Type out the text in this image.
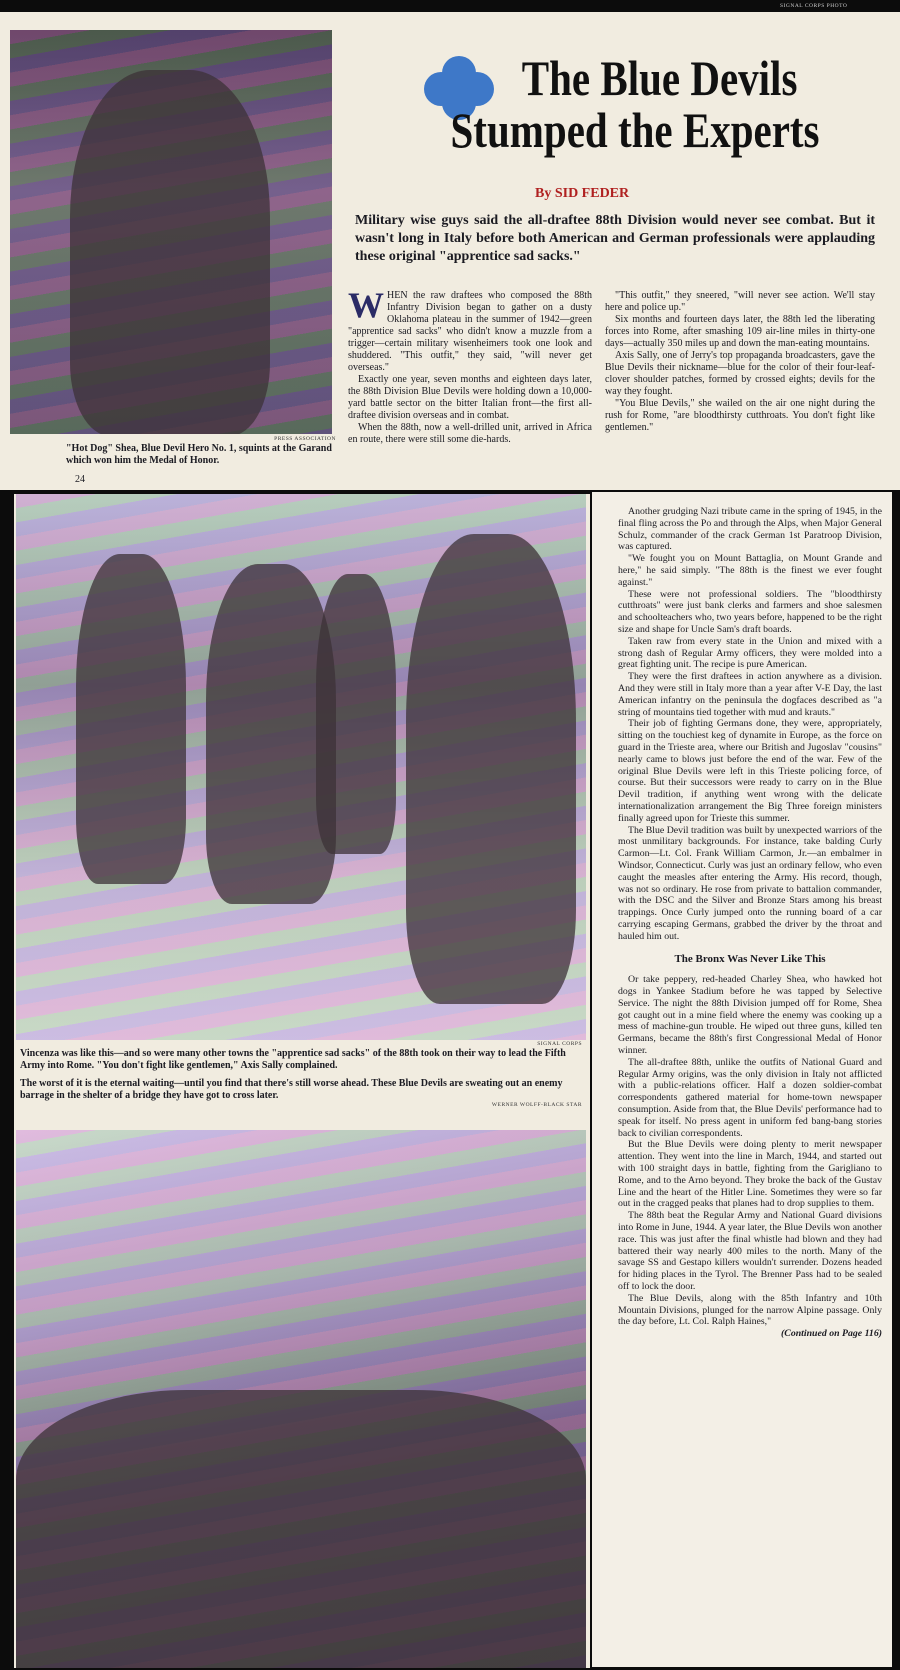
SIGNAL CORPS PHOTO
PRESS ASSOCIATION
"Hot Dog" Shea, Blue Devil Hero No. 1, squints at the Garand which won him the Medal of Honor.
24
The Blue Devils
Stumped the Experts
By SID FEDER
Military wise guys said the all-draftee 88th Division would never see combat. But it wasn't long in Italy before both American and German professionals were applauding these original "apprentice sad sacks."

WHEN the raw draftees who composed the 88th Infantry Division began to gather on a dusty Oklahoma plateau in the summer of 1942—green "apprentice sad sacks" who didn't know a muzzle from a trigger—certain military wisenheimers took one look and shuddered. "This outfit," they said, "will never get overseas."

Exactly one year, seven months and eighteen days later, the 88th Division Blue Devils were holding down a 10,000-yard battle sector on the bitter Italian front—the first all-draftee division overseas and in combat.

When the 88th, now a well-drilled unit, arrived in Africa en route, there were still some die-hards.

"This outfit," they sneered, "will never see action. We'll stay here and police up."

Six months and fourteen days later, the 88th led the liberating forces into Rome, after smashing 109 air-line miles in thirty-one days—actually 350 miles up and down the man-eating mountains.

Axis Sally, one of Jerry's top propaganda broadcasters, gave the Blue Devils their nickname—blue for the color of their four-leaf-clover shoulder patches, formed by crossed eights; devils for the way they fought.

"You Blue Devils," she wailed on the air one night during the rush for Rome, "are bloodthirsty cutthroats. You don't fight like gentlemen."

SIGNAL CORPS
Vincenza was like this—and so were many other towns the "apprentice sad sacks" of the 88th took on their way to lead the Fifth Army into Rome. "You don't fight like gentlemen," Axis Sally complained.
The worst of it is the eternal waiting—until you find that there's still worse ahead. These Blue Devils are sweating out an enemy barrage in the shelter of a bridge they have got to cross later.
WERNER WOLFF-BLACK STAR

Another grudging Nazi tribute came in the spring of 1945, in the final fling across the Po and through the Alps, when Major General Schulz, commander of the crack German 1st Paratroop Division, was captured.

"We fought you on Mount Battaglia, on Mount Grande and here," he said simply. "The 88th is the finest we ever fought against."

These were not professional soldiers. The "bloodthirsty cutthroats" were just bank clerks and farmers and shoe salesmen and schoolteachers who, two years before, happened to be the right size and shape for Uncle Sam's draft boards.

Taken raw from every state in the Union and mixed with a strong dash of Regular Army officers, they were molded into a great fighting unit. The recipe is pure American.

They were the first draftees in action anywhere as a division. And they were still in Italy more than a year after V-E Day, the last American infantry on the peninsula the dogfaces described as "a string of mountains tied together with mud and krauts."

Their job of fighting Germans done, they were, appropriately, sitting on the touchiest keg of dynamite in Europe, as the force on guard in the Trieste area, where our British and Jugoslav "cousins" nearly came to blows just before the end of the war. Few of the original Blue Devils were left in this Trieste policing force, of course. But their successors were ready to carry on in the Blue Devil tradition, if anything went wrong with the delicate internationalization arrangement the Big Three foreign ministers finally agreed upon for Trieste this summer.

The Blue Devil tradition was built by unexpected warriors of the most unmilitary backgrounds. For instance, take balding Curly Carmon—Lt. Col. Frank William Carmon, Jr.—an embalmer in Windsor, Connecticut. Curly was just an ordinary fellow, who even caught the measles after entering the Army. His record, though, was not so ordinary. He rose from private to battalion commander, with the DSC and the Silver and Bronze Stars among his breast trappings. Once Curly jumped onto the running board of a car carrying escaping Germans, grabbed the driver by the throat and hauled him out.

The Bronx Was Never Like This

Or take peppery, red-headed Charley Shea, who hawked hot dogs in Yankee Stadium before he was tapped by Selective Service. The night the 88th Division jumped off for Rome, Shea got caught out in a mine field where the enemy was cooking up a mess of machine-gun trouble. He wiped out three guns, killed ten Germans, became the 88th's first Congressional Medal of Honor winner.

The all-draftee 88th, unlike the outfits of National Guard and Regular Army origins, was the only division in Italy not afflicted with a public-relations officer. Half a dozen soldier-combat correspondents gathered material for home-town newspaper consumption. Aside from that, the Blue Devils' performance had to speak for itself. No press agent in uniform fed bang-bang stories back to civilian correspondents.

But the Blue Devils were doing plenty to merit newspaper attention. They went into the line in March, 1944, and started out with 100 straight days in battle, fighting from the Garigliano to Rome, and to the Arno beyond. They broke the back of the Gustav Line and the heart of the Hitler Line. Sometimes they were so far out in the cragged peaks that planes had to drop supplies to them.

The 88th beat the Regular Army and National Guard divisions into Rome in June, 1944. A year later, the Blue Devils won another race. This was just after the final whistle had blown and they had battered their way nearly 400 miles to the north. Many of the savage SS and Gestapo killers wouldn't surrender. Dozens headed for hiding places in the Tyrol. The Brenner Pass had to be sealed off to lock the door.

The Blue Devils, along with the 85th Infantry and 10th Mountain Divisions, plunged for the narrow Alpine passage. Only the day before, Lt. Col. Ralph Haines,"

(Continued on Page 116)
